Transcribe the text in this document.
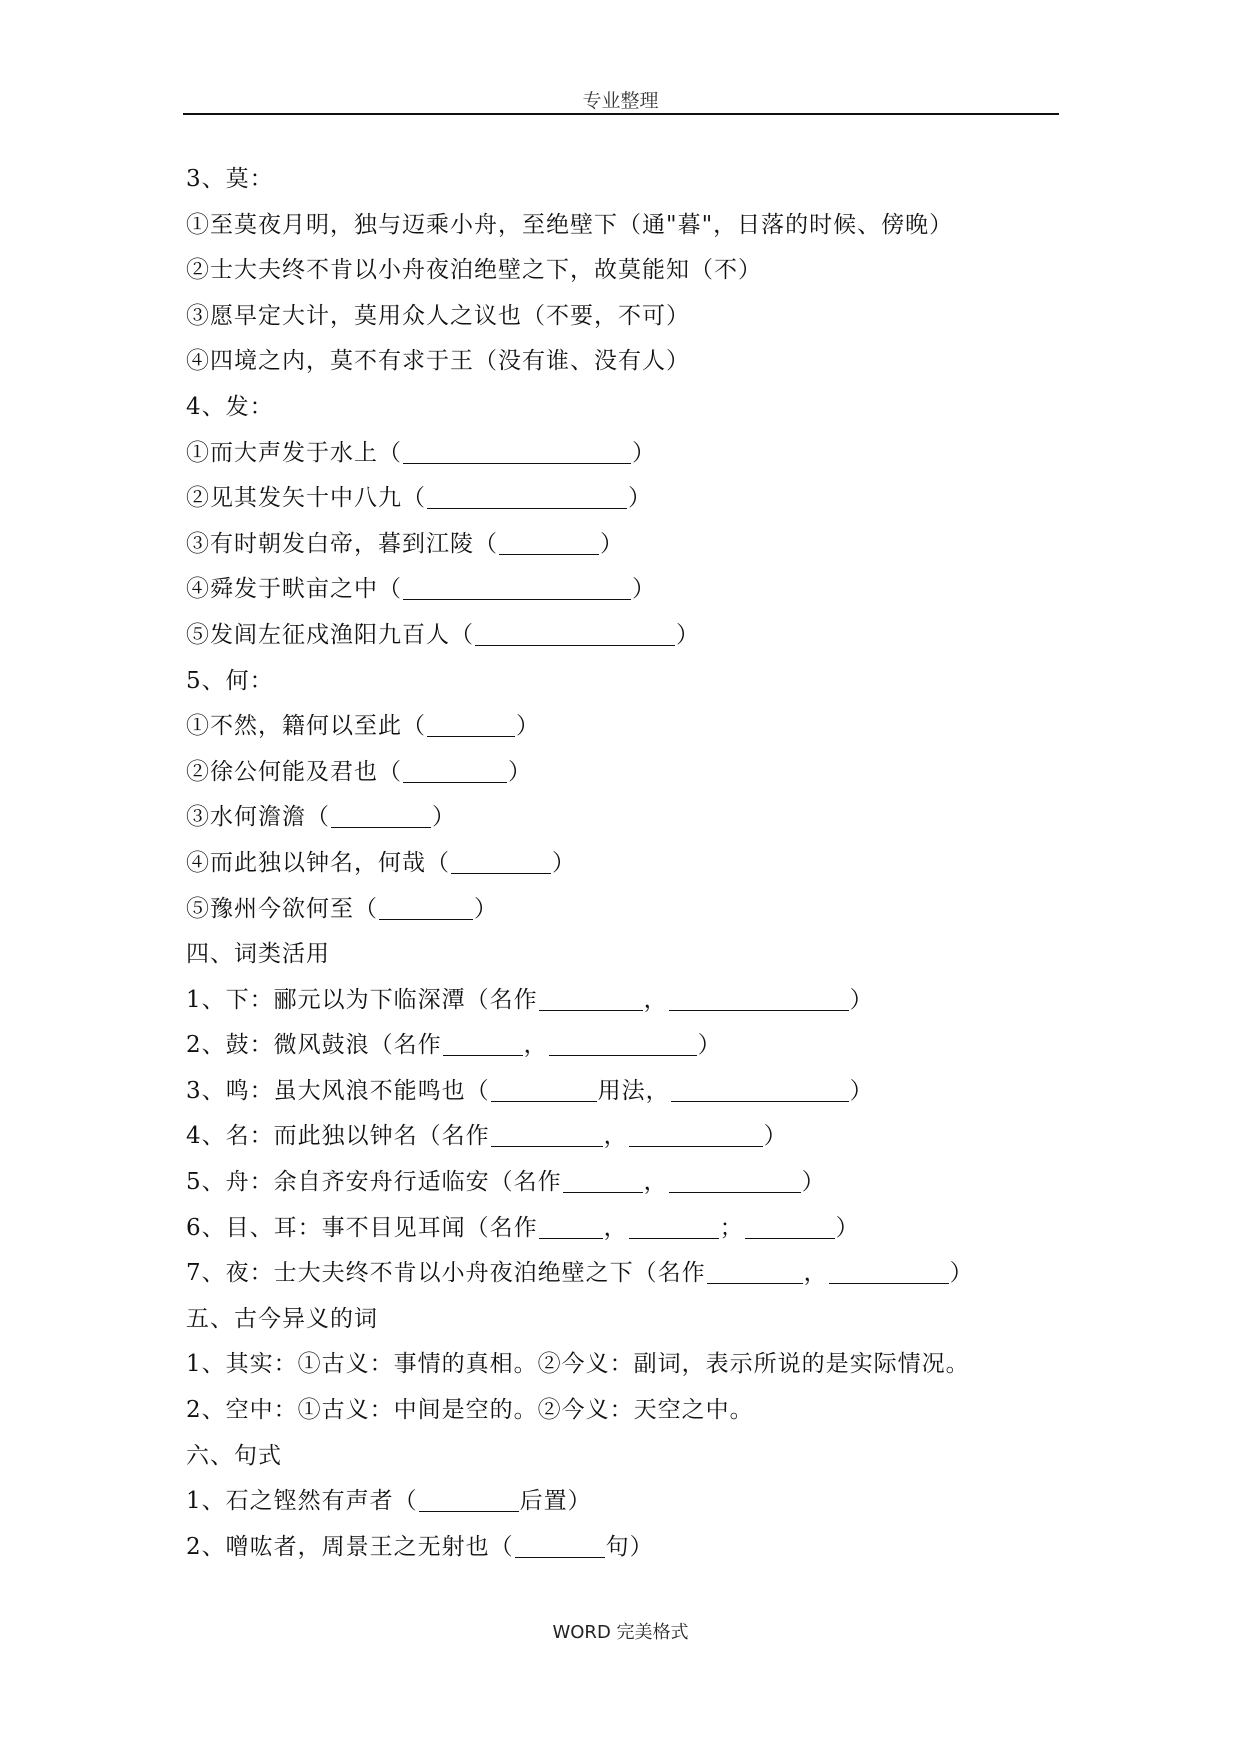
专业整理
3、莫：
①至莫夜月明，独与迈乘小舟，至绝壁下（通"暮"，日落的时候、傍晚）
②士大夫终不肯以小舟夜泊绝壁之下，故莫能知（不）
③愿早定大计，莫用众人之议也（不要，不可）
④四境之内，莫不有求于王（没有谁、没有人）
4、发：
①而大声发于水上（	）
②见其发矢十中八九（	）
③有时朝发白帝，暮到江陵（	）
④舜发于畎亩之中（	）
⑤发闾左征戍渔阳九百人（	）
5、何：
①不然，籍何以至此（	）
②徐公何能及君也（	）
③水何澹澹（	）
④而此独以钟名，何哉（	）
⑤豫州今欲何至（	）
四、词类活用
1、下：郦元以为下临深潭（名作	，	）
2、鼓：微风鼓浪（名作	，	）
3、鸣：虽大风浪不能鸣也（	用法，	）
4、名：而此独以钟名（名作	，	）
5、舟：余自齐安舟行适临安（名作	，	）
6、目、耳：事不目见耳闻（名作	，	；	）
7、夜：士大夫终不肯以小舟夜泊绝壁之下（名作	，	）
五、古今异义的词
1、其实：①古义：事情的真相。②今义：副词，表示所说的是实际情况。
2、空中：①古义：中间是空的。②今义：天空之中。
六、句式
1、石之铿然有声者（	后置）
2、噌吰者，周景王之无射也（	句）
WORD 完美格式
